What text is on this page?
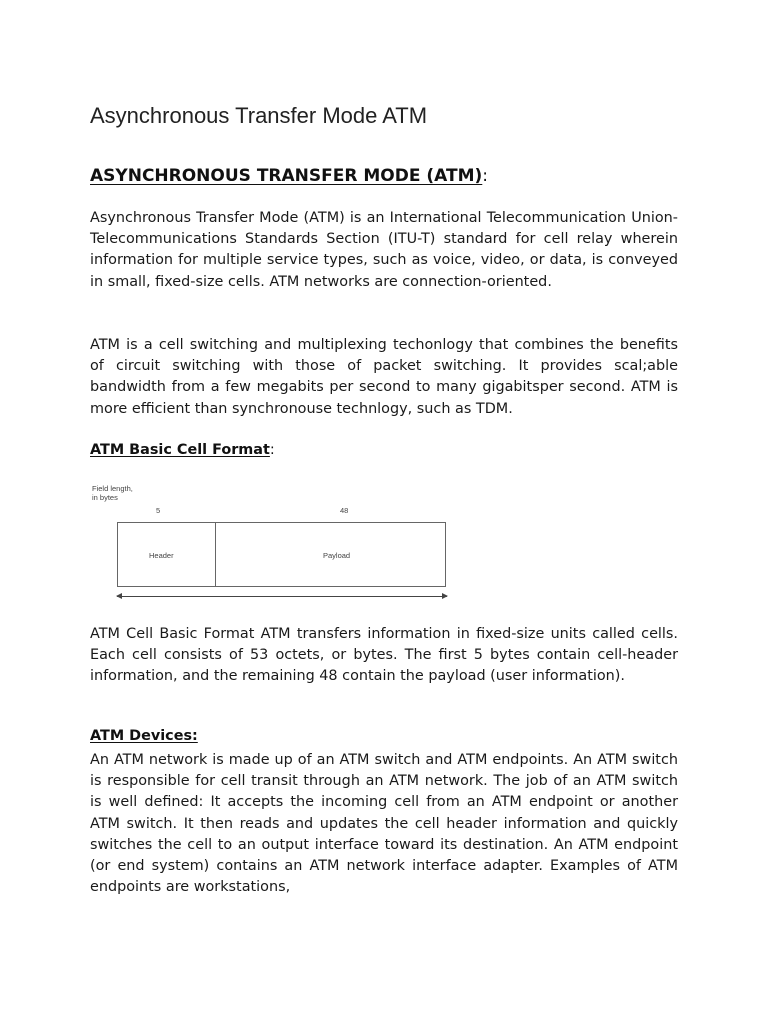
Asynchronous Transfer Mode ATM
ASYNCHRONOUS TRANSFER MODE (ATM):

Asynchronous Transfer Mode (ATM) is an International Telecommunication Union-Telecommunications Standards Section (ITU-T) standard for cell relay wherein information for multiple service types, such as voice, video, or data, is conveyed in small, fixed-size cells. ATM networks are connection-oriented.

ATM is a cell switching and multiplexing techonlogy that combines the benefits of circuit switching with those of packet switching. It provides scal;able bandwidth from a few megabits per second to many gigabitsper second. ATM is more efficient than synchronouse technlogy, such as TDM.

ATM Basic Cell Format:
Field length,
in bytes
5	48
Header	Payload

ATM Cell Basic Format ATM transfers information in fixed-size units called cells. Each cell consists of 53 octets, or bytes. The first 5 bytes contain cell-header information, and the remaining 48 contain the payload (user information).

ATM Devices:

An ATM network is made up of an ATM switch and ATM endpoints. An ATM switch is responsible for cell transit through an ATM network. The job of an ATM switch is well defined: It accepts the incoming cell from an ATM endpoint or another ATM switch. It then reads and updates the cell header information and quickly switches the cell to an output interface toward its destination. An ATM endpoint (or end system) contains an ATM network interface adapter. Examples of ATM endpoints are workstations,
